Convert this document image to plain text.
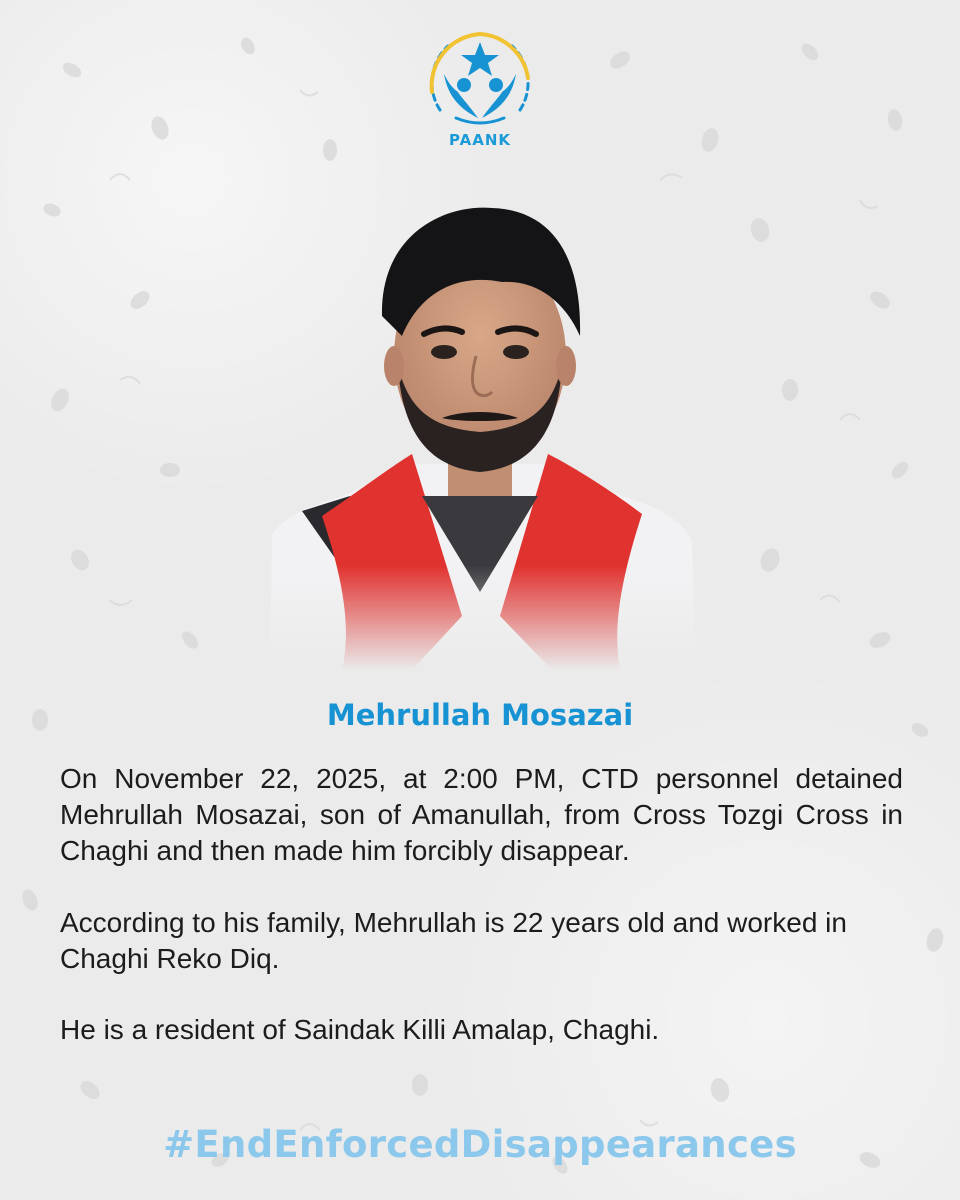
PAANK
Mehrullah Mosazai

On November 22, 2025, at 2:00 PM, CTD personnel detained Mehrullah Mosazai, son of Amanullah, from Cross Tozgi Cross in Chaghi and then made him forcibly disappear.

According to his family, Mehrullah is 22 years old and worked in Chaghi Reko Diq.

He is a resident of Saindak Killi Amalap, Chaghi.

#EndEnforcedDisappearances
